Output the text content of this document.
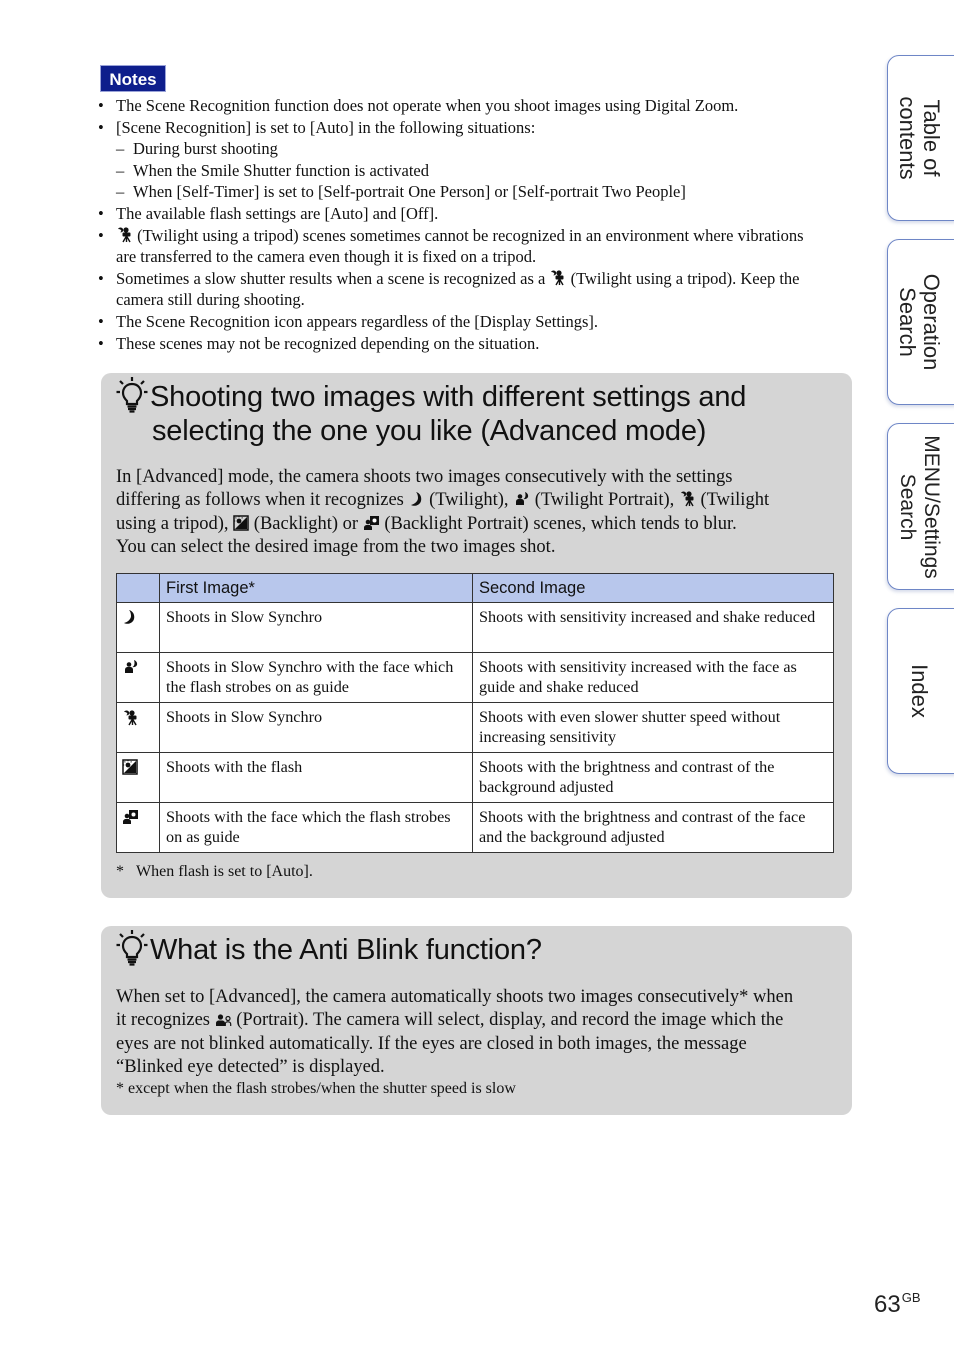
Notes
• The Scene Recognition function does not operate when you shoot images using Digital Zoom.
• [Scene Recognition] is set to [Auto] in the following situations:
– During burst shooting
– When the Smile Shutter function is activated
– When [Self-Timer] is set to [Self-portrait One Person] or [Self-portrait Two People]
• The available flash settings are [Auto] and [Off].
• (Twilight using a tripod) scenes sometimes cannot be recognized in an environment where vibrations
are transferred to the camera even though it is fixed on a tripod.
• Sometimes a slow shutter results when a scene is recognized as a (Twilight using a tripod). Keep the
camera still during shooting.
• The Scene Recognition icon appears regardless of the [Display Settings].
• These scenes may not be recognized depending on the situation.
Shooting two images with different settings and
selecting the one you like (Advanced mode)
In [Advanced] mode, the camera shoots two images consecutively with the settings
differing as follows when it recognizes (Twilight), (Twilight Portrait), (Twilight
using a tripod), (Backlight) or (Backlight Portrait) scenes, which tends to blur.
You can select the desired image from the two images shot.
	First Image*	Second Image
	Shoots in Slow Synchro	Shoots with sensitivity increased and shake reduced
	Shoots in Slow Synchro with the face which the flash strobes on as guide	Shoots with sensitivity increased with the face as guide and shake reduced
	Shoots in Slow Synchro	Shoots with even slower shutter speed without increasing sensitivity
	Shoots with the flash	Shoots with the brightness and contrast of the background adjusted
	Shoots with the face which the flash strobes on as guide	Shoots with the brightness and contrast of the face and the background adjusted
* When flash is set to [Auto].
What is the Anti Blink function?
When set to [Advanced], the camera automatically shoots two images consecutively* when
it recognizes (Portrait). The camera will select, display, and record the image which the
eyes are not blinked automatically. If the eyes are closed in both images, the message
“Blinked eye detected” is displayed.
* except when the flash strobes/when the shutter speed is slow
Table of
contents
Operation
Search
MENU/Settings
Search
Index
$63^{GB}$
